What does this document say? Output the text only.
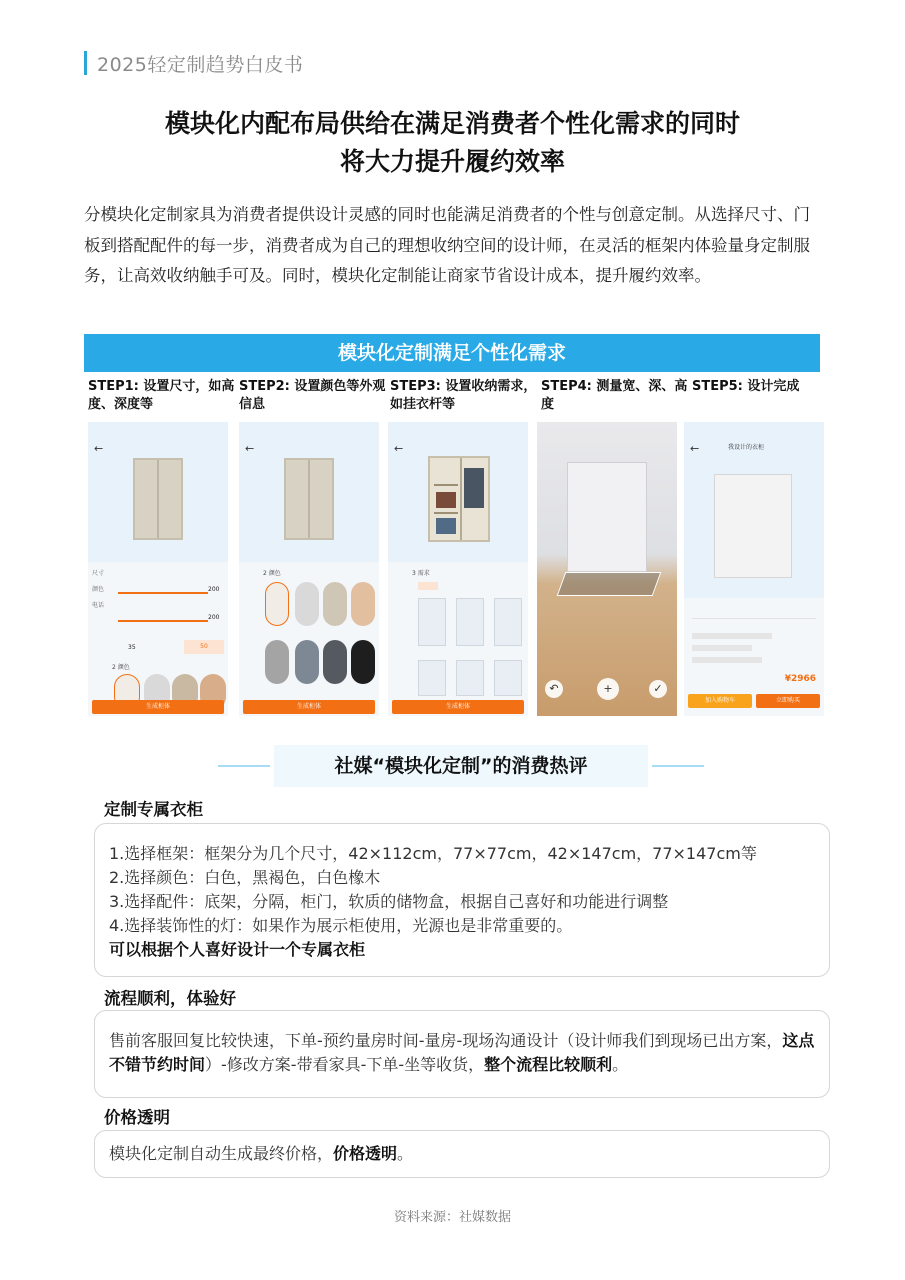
2025轻定制趋势白皮书
模块化内配布局供给在满足消费者个性化需求的同时
将大力提升履约效率

分模块化定制家具为消费者提供设计灵感的同时也能满足消费者的个性与创意定制。从选择尺寸、门板到搭配配件的每一步，消费者成为自己的理想收纳空间的设计师，在灵活的框架内体验量身定制服务，让高效收纳触手可及。同时，模块化定制能让商家节省设计成本，提升履约效率。

模块化定制满足个性化需求
STEP1: 设置尺寸，如高度、深度等
STEP2: 设置颜色等外观信息
STEP3: 设置收纳需求，如挂衣杆等
STEP4: 测量宽、深、高度
STEP5: 设计完成
←
尺寸
颜色
电话
200
200
35	50
2 颜色
生成柜体
←
2 颜色
生成柜体
←
3 需求
生成柜体
↶	+	✓
←	我设计的衣柜
¥2966
加入购物车	立即购买
社媒“模块化定制”的消费热评
定制专属衣柜
1.选择框架：框架分为几个尺寸，42×112cm，77×77cm，42×147cm，77×147cm等
2.选择颜色：白色，黑褐色，白色橡木
3.选择配件：底架，分隔，柜门，软质的储物盒，根据自己喜好和功能进行调整
4.选择装饰性的灯：如果作为展示柜使用，光源也是非常重要的。
可以根据个人喜好设计一个专属衣柜
流程顺利，体验好
售前客服回复比较快速，下单-预约量房时间-量房-现场沟通设计（设计师我们到现场已出方案，这点不错节约时间）-修改方案-带看家具-下单-坐等收货，整个流程比较顺利。
价格透明
模块化定制自动生成最终价格，价格透明。
资料来源：社媒数据
